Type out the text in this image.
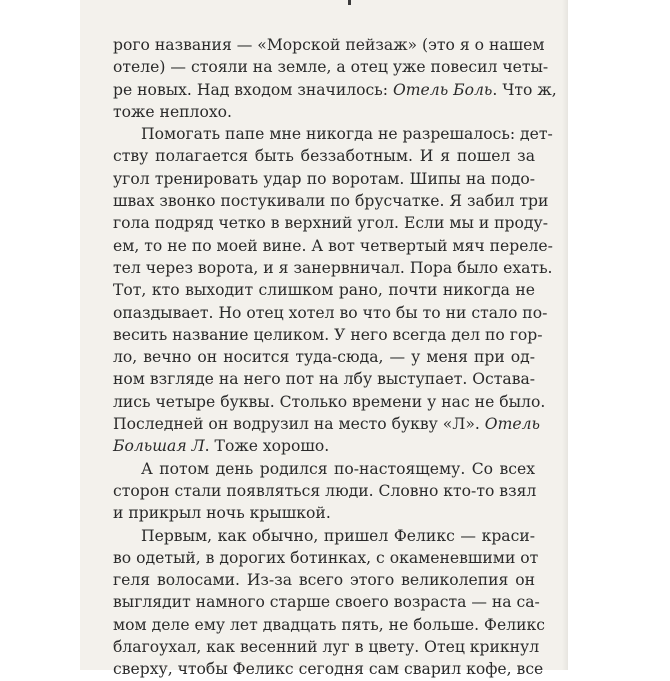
рого названия — «Морской пейзаж» (это я о нашем
отеле) — стояли на земле, а отец уже повесил четы-
ре новых. Над входом значилось: Отель Боль. Что ж,
тоже неплохо.
Помогать папе мне никогда не разрешалось: дет-
ству полагается быть беззаботным. И я пошел за
угол тренировать удар по воротам. Шипы на подо-
швах звонко постукивали по брусчатке. Я забил три
гола подряд четко в верхний угол. Если мы и проду-
ем, то не по моей вине. А вот четвертый мяч переле-
тел через ворота, и я занервничал. Пора было ехать.
Тот, кто выходит слишком рано, почти никогда не
опаздывает. Но отец хотел во что бы то ни стало по-
весить название целиком. У него всегда дел по гор-
ло, вечно он носится туда-сюда, — у меня при од-
ном взгляде на него пот на лбу выступает. Остава-
лись четыре буквы. Столько времени у нас не было.
Последней он водрузил на место букву «Л». Отель
Большая Л. Тоже хорошо.
А потом день родился по-настоящему. Со всех
сторон стали появляться люди. Словно кто-то взял
и прикрыл ночь крышкой.
Первым, как обычно, пришел Феликс — краси-
во одетый, в дорогих ботинках, с окаменевшими от
геля волосами. Из-за всего этого великолепия он
выглядит намного старше своего возраста — на са-
мом деле ему лет двадцать пять, не больше. Феликс
благоухал, как весенний луг в цвету. Отец крикнул
сверху, чтобы Феликс сегодня сам сварил кофе, все
